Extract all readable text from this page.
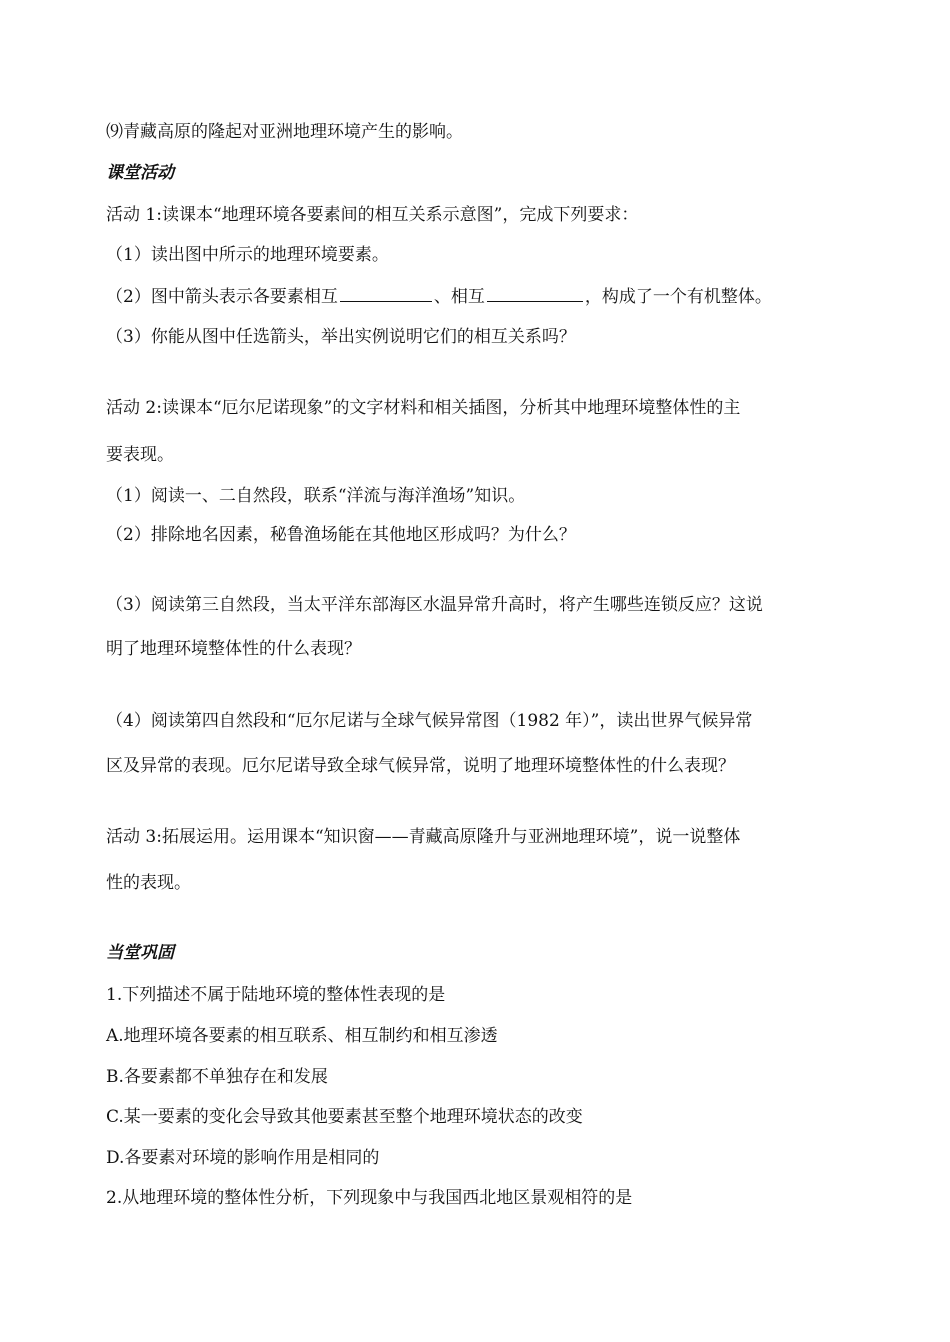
⑼青藏高原的隆起对亚洲地理环境产生的影响。
课堂活动
活动 1:读课本“地理环境各要素间的相互关系示意图”，完成下列要求：
（1）读出图中所示的地理环境要素。
（2）图中箭头表示各要素相互	、相互	，构成了一个有机整体。
（3）你能从图中任选箭头，举出实例说明它们的相互关系吗？
活动 2:读课本“厄尔尼诺现象”的文字材料和相关插图，分析其中地理环境整体性的主
要表现。
（1）阅读一、二自然段，联系“洋流与海洋渔场”知识。
（2）排除地名因素，秘鲁渔场能在其他地区形成吗？为什么？
（3）阅读第三自然段，当太平洋东部海区水温异常升高时，将产生哪些连锁反应？这说
明了地理环境整体性的什么表现？
（4）阅读第四自然段和“厄尔尼诺与全球气候异常图（1982 年）”，读出世界气候异常
区及异常的表现。厄尔尼诺导致全球气候异常，说明了地理环境整体性的什么表现？
活动 3:拓展运用。运用课本“知识窗——青藏高原隆升与亚洲地理环境”，说一说整体
性的表现。
当堂巩固
1.下列描述不属于陆地环境的整体性表现的是
A.地理环境各要素的相互联系、相互制约和相互渗透
B.各要素都不单独存在和发展
C.某一要素的变化会导致其他要素甚至整个地理环境状态的改变
D.各要素对环境的影响作用是相同的
2.从地理环境的整体性分析，下列现象中与我国西北地区景观相符的是
